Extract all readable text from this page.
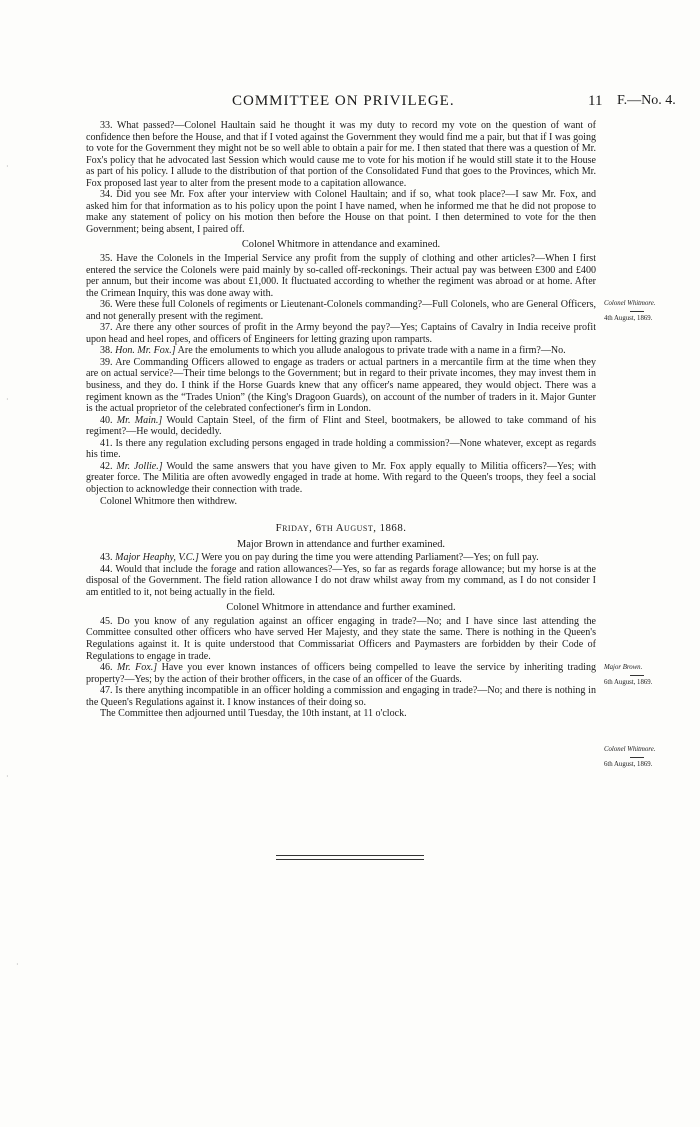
COMMITTEE ON PRIVILEGE.	11 F.—No. 4.

33. What passed?—Colonel Haultain said he thought it was my duty to record my vote on the question of want of confidence then before the House, and that if I voted against the Government they would find me a pair, but that if I was going to vote for the Government they might not be so well able to obtain a pair for me. I then stated that there was a question of Mr. Fox's policy that he advocated last Session which would cause me to vote for his motion if he would still state it to the House as part of his policy. I allude to the distribution of that portion of the Consolidated Fund that goes to the Provinces, which Mr. Fox proposed last year to alter from the present mode to a capitation allowance.

34. Did you see Mr. Fox after your interview with Colonel Haultain; and if so, what took place?—I saw Mr. Fox, and asked him for that information as to his policy upon the point I have named, when he informed me that he did not propose to make any statement of policy on his motion then before the House on that point. I then determined to vote for the then Government; being absent, I paired off.

Colonel Whitmore in attendance and examined.

35. Have the Colonels in the Imperial Service any profit from the supply of clothing and other articles?—When I first entered the service the Colonels were paid mainly by so-called off-reckonings. Their actual pay was between £300 and £400 per annum, but their income was about £1,000. It fluctuated according to whether the regiment was abroad or at home. After the Crimean Inquiry, this was done away with.

36. Were these full Colonels of regiments or Lieutenant-Colonels commanding?—Full Colonels, who are General Officers, and not generally present with the regiment.

37. Are there any other sources of profit in the Army beyond the pay?—Yes; Captains of Cavalry in India receive profit upon head and heel ropes, and officers of Engineers for letting grazing upon ramparts.

38. Hon. Mr. Fox.] Are the emoluments to which you allude analogous to private trade with a name in a firm?—No.

39. Are Commanding Officers allowed to engage as traders or actual partners in a mercantile firm at the time when they are on actual service?—Their time belongs to the Government; but in regard to their private incomes, they may invest them in business, and they do. I think if the Horse Guards knew that any officer's name appeared, they would object. There was a regiment known as the “Trades Union” (the King's Dragoon Guards), on account of the number of traders in it. Major Gunter is the actual proprietor of the celebrated confectioner's firm in London.

40. Mr. Main.] Would Captain Steel, of the firm of Flint and Steel, bootmakers, be allowed to take command of his regiment?—He would, decidedly.

41. Is there any regulation excluding persons engaged in trade holding a commission?—None whatever, except as regards his time.

42. Mr. Jollie.] Would the same answers that you have given to Mr. Fox apply equally to Militia officers?—Yes; with greater force. The Militia are often avowedly engaged in trade at home. With regard to the Queen's troops, they feel a social objection to acknowledge their connection with trade.

Colonel Whitmore then withdrew.

Friday, 6th August, 1868.

Major Brown in attendance and further examined.

43. Major Heaphy, V.C.] Were you on pay during the time you were attending Parliament?—Yes; on full pay.

44. Would that include the forage and ration allowances?—Yes, so far as regards forage allowance; but my horse is at the disposal of the Government. The field ration allowance I do not draw whilst away from my command, as I do not consider I am entitled to it, not being actually in the field.

Colonel Whitmore in attendance and further examined.

45. Do you know of any regulation against an officer engaging in trade?—No; and I have since last attending the Committee consulted other officers who have served Her Majesty, and they state the same. There is nothing in the Queen's Regulations against it. It is quite understood that Commissariat Officers and Paymasters are forbidden by their Code of Regulations to engage in trade.

46. Mr. Fox.] Have you ever known instances of officers being compelled to leave the service by inheriting trading property?—Yes; by the action of their brother officers, in the case of an officer of the Guards.

47. Is there anything incompatible in an officer holding a commission and engaging in trade?—No; and there is nothing in the Queen's Regulations against it. I know instances of their doing so.

The Committee then adjourned until Tuesday, the 10th instant, at 11 o'clock.

Colonel Whitmore.
4th August, 1869.
Major Brown.
6th August, 1869.
Colonel Whitmore.
6th August, 1869.
·
·
·
·
